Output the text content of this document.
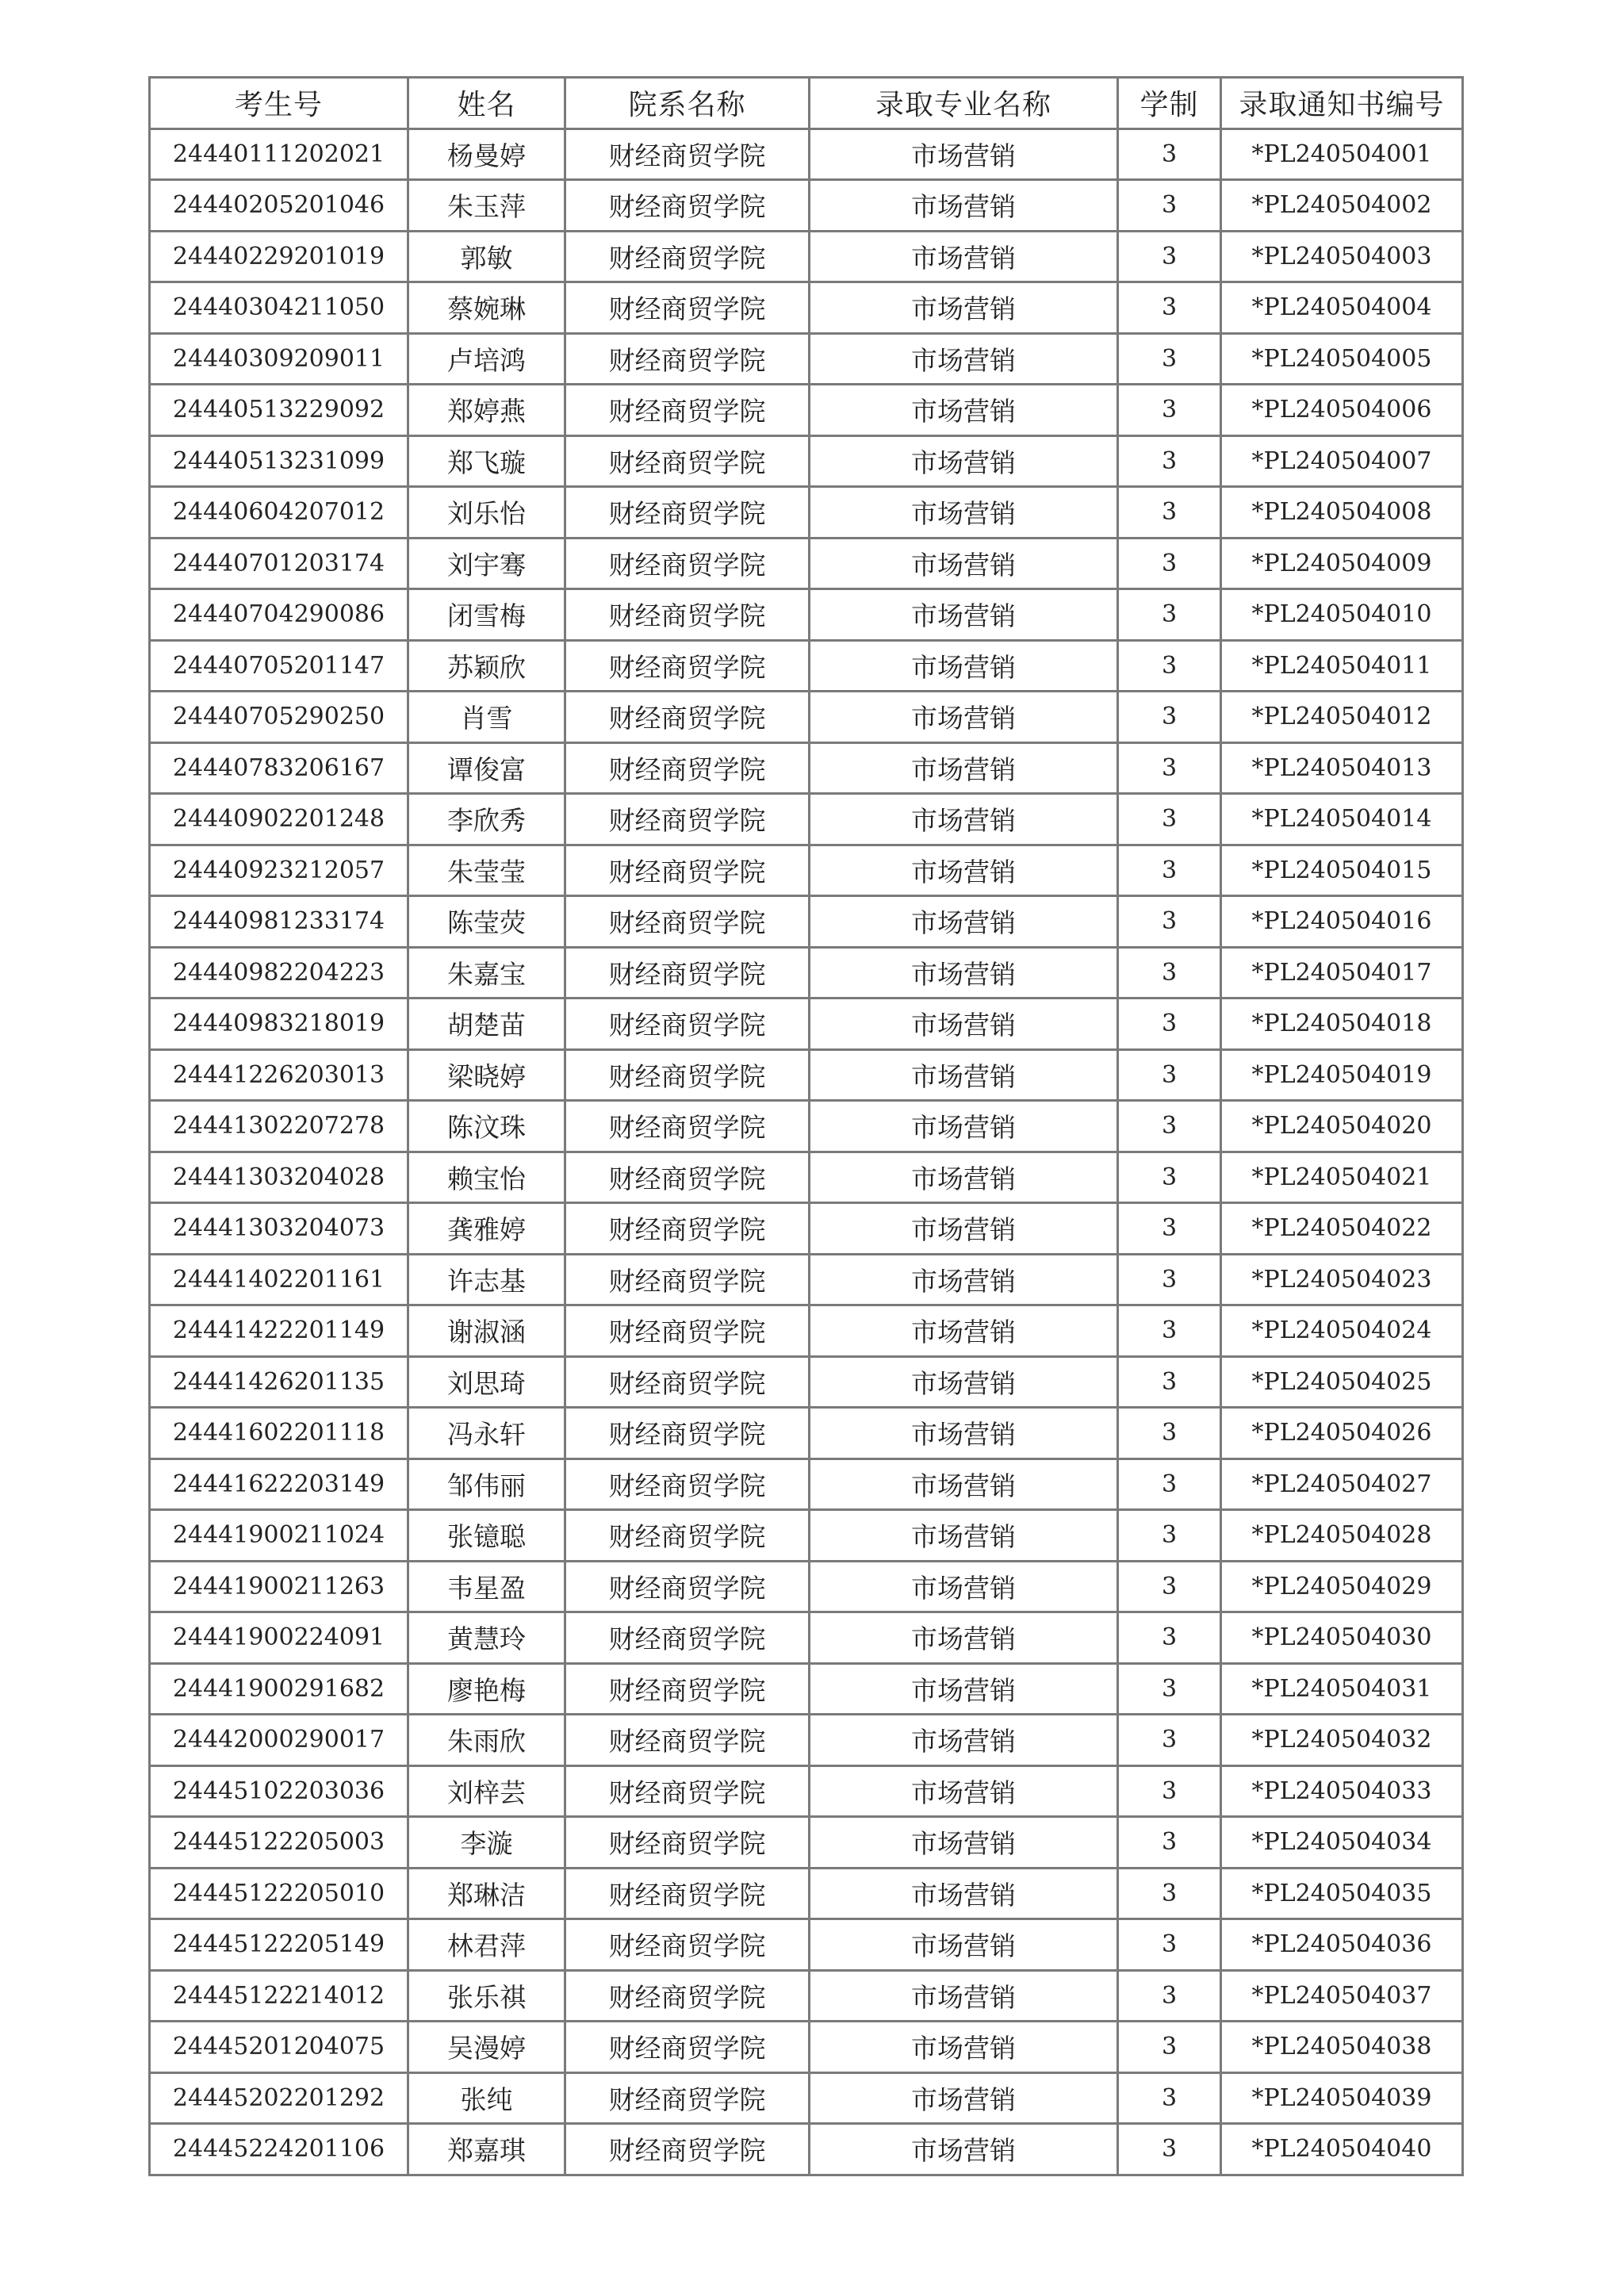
考生号	姓名	院系名称	录取专业名称	学制	录取通知书编号
24440111202021	杨曼婷	财经商贸学院	市场营销	3	*PL240504001
24440205201046	朱玉萍	财经商贸学院	市场营销	3	*PL240504002
24440229201019	郭敏	财经商贸学院	市场营销	3	*PL240504003
24440304211050	蔡婉琳	财经商贸学院	市场营销	3	*PL240504004
24440309209011	卢培鸿	财经商贸学院	市场营销	3	*PL240504005
24440513229092	郑婷燕	财经商贸学院	市场营销	3	*PL240504006
24440513231099	郑飞璇	财经商贸学院	市场营销	3	*PL240504007
24440604207012	刘乐怡	财经商贸学院	市场营销	3	*PL240504008
24440701203174	刘宇骞	财经商贸学院	市场营销	3	*PL240504009
24440704290086	闭雪梅	财经商贸学院	市场营销	3	*PL240504010
24440705201147	苏颖欣	财经商贸学院	市场营销	3	*PL240504011
24440705290250	肖雪	财经商贸学院	市场营销	3	*PL240504012
24440783206167	谭俊富	财经商贸学院	市场营销	3	*PL240504013
24440902201248	李欣秀	财经商贸学院	市场营销	3	*PL240504014
24440923212057	朱莹莹	财经商贸学院	市场营销	3	*PL240504015
24440981233174	陈莹荧	财经商贸学院	市场营销	3	*PL240504016
24440982204223	朱嘉宝	财经商贸学院	市场营销	3	*PL240504017
24440983218019	胡楚苗	财经商贸学院	市场营销	3	*PL240504018
24441226203013	梁晓婷	财经商贸学院	市场营销	3	*PL240504019
24441302207278	陈汶珠	财经商贸学院	市场营销	3	*PL240504020
24441303204028	赖宝怡	财经商贸学院	市场营销	3	*PL240504021
24441303204073	龚雅婷	财经商贸学院	市场营销	3	*PL240504022
24441402201161	许志基	财经商贸学院	市场营销	3	*PL240504023
24441422201149	谢淑涵	财经商贸学院	市场营销	3	*PL240504024
24441426201135	刘思琦	财经商贸学院	市场营销	3	*PL240504025
24441602201118	冯永轩	财经商贸学院	市场营销	3	*PL240504026
24441622203149	邹伟丽	财经商贸学院	市场营销	3	*PL240504027
24441900211024	张镱聪	财经商贸学院	市场营销	3	*PL240504028
24441900211263	韦星盈	财经商贸学院	市场营销	3	*PL240504029
24441900224091	黄慧玲	财经商贸学院	市场营销	3	*PL240504030
24441900291682	廖艳梅	财经商贸学院	市场营销	3	*PL240504031
24442000290017	朱雨欣	财经商贸学院	市场营销	3	*PL240504032
24445102203036	刘梓芸	财经商贸学院	市场营销	3	*PL240504033
24445122205003	李漩	财经商贸学院	市场营销	3	*PL240504034
24445122205010	郑琳洁	财经商贸学院	市场营销	3	*PL240504035
24445122205149	林君萍	财经商贸学院	市场营销	3	*PL240504036
24445122214012	张乐祺	财经商贸学院	市场营销	3	*PL240504037
24445201204075	吴漫婷	财经商贸学院	市场营销	3	*PL240504038
24445202201292	张纯	财经商贸学院	市场营销	3	*PL240504039
24445224201106	郑嘉琪	财经商贸学院	市场营销	3	*PL240504040
